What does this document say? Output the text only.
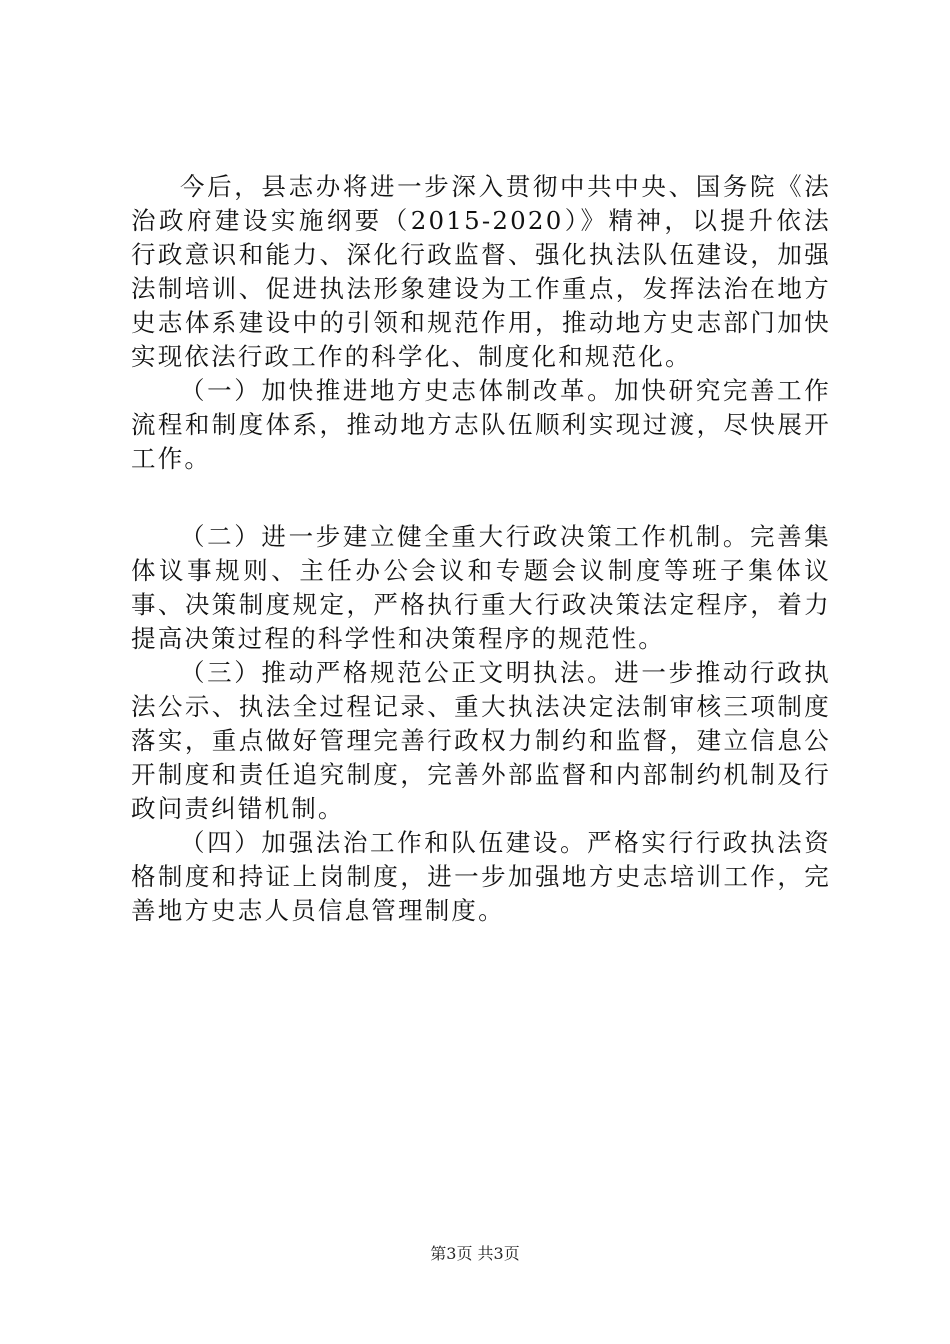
今后，县志办将进一步深入贯彻中共中央、国务院《法治政府建设实施纲要（2015-2020）》精神，以提升依法行政意识和能力、深化行政监督、强化执法队伍建设，加强法制培训、促进执法形象建设为工作重点，发挥法治在地方史志体系建设中的引领和规范作用，推动地方史志部门加快实现依法行政工作的科学化、制度化和规范化。

（一）加快推进地方史志体制改革。加快研究完善工作流程和制度体系，推动地方志队伍顺利实现过渡，尽快展开工作。

（二）进一步建立健全重大行政决策工作机制。完善集体议事规则、主任办公会议和专题会议制度等班子集体议事、决策制度规定，严格执行重大行政决策法定程序，着力提高决策过程的科学性和决策程序的规范性。

（三）推动严格规范公正文明执法。进一步推动行政执法公示、执法全过程记录、重大执法决定法制审核三项制度落实，重点做好管理完善行政权力制约和监督，建立信息公开制度和责任追究制度，完善外部监督和内部制约机制及行政问责纠错机制。

（四）加强法治工作和队伍建设。严格实行行政执法资格制度和持证上岗制度，进一步加强地方史志培训工作，完善地方史志人员信息管理制度。

第3页 共3页
